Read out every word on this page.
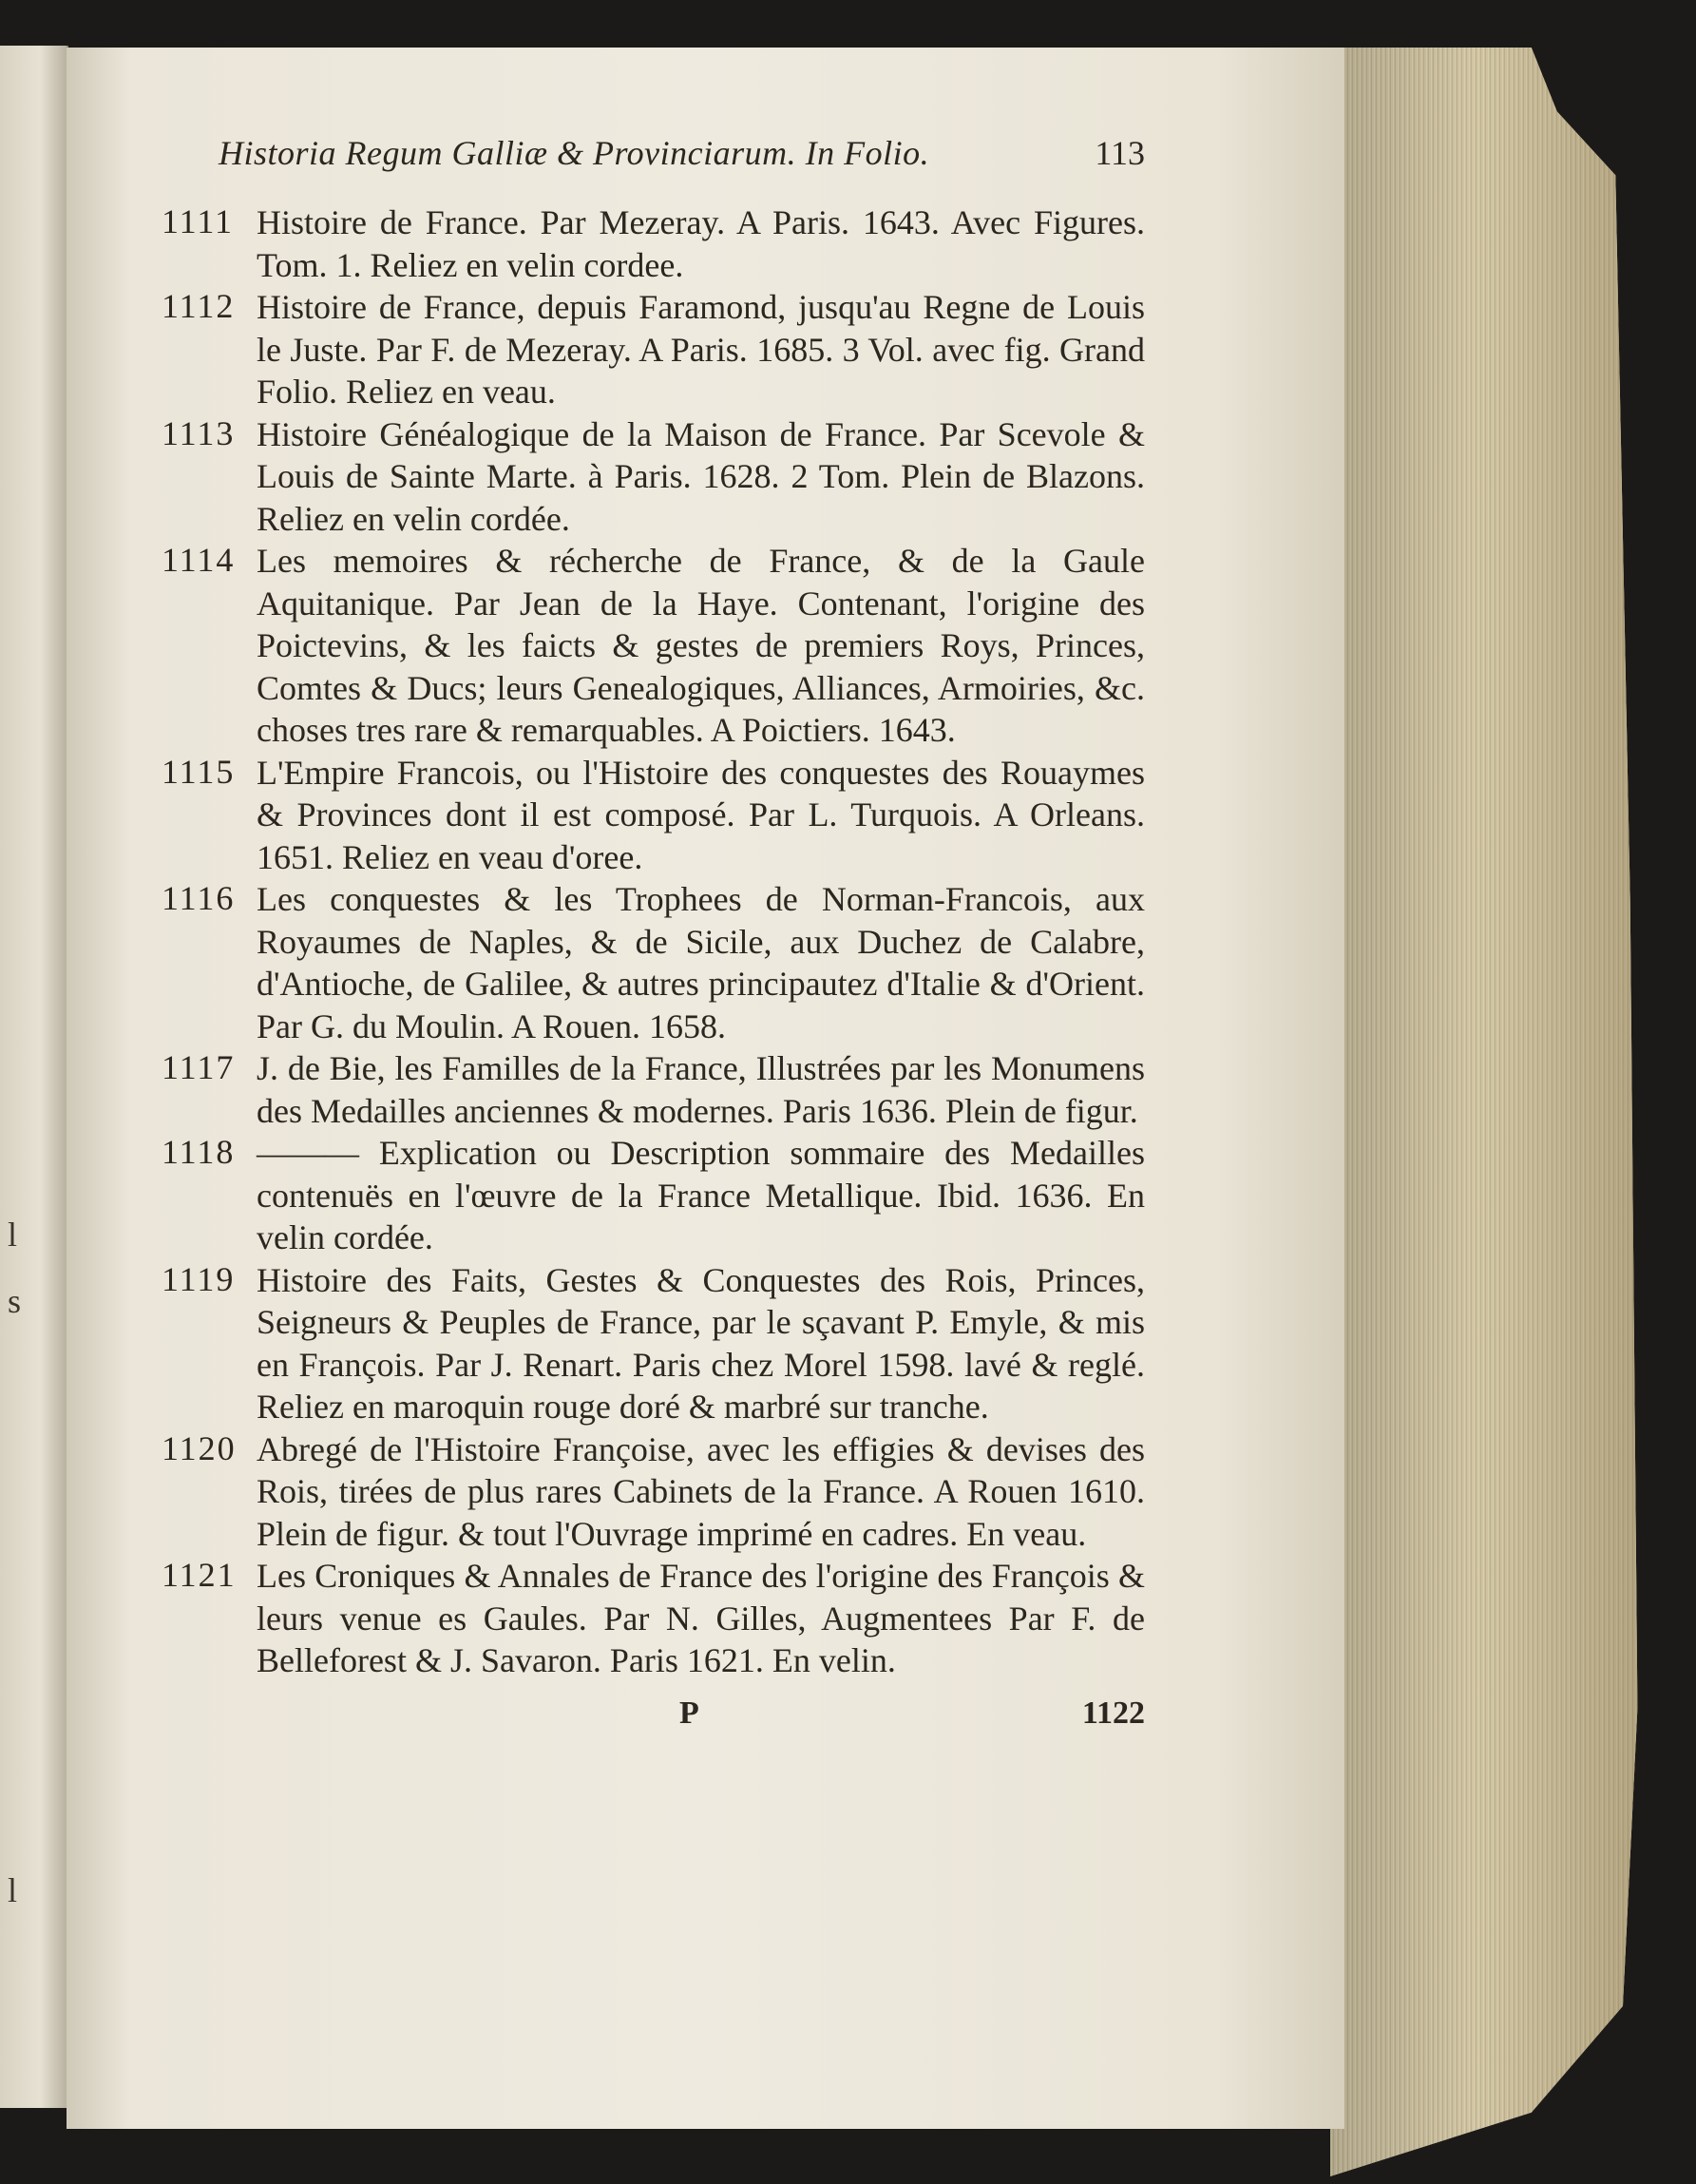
l
s
l
Historia Regum Galliæ & Provinciarum. In Folio.	113
1111 Histoire de France. Par Mezeray. A Paris. 1643. Avec Figures. Tom. 1. Reliez en velin cordee.
1112 Histoire de France, depuis Faramond, jusqu'au Regne de Louis le Juste. Par F. de Mezeray. A Paris. 1685. 3 Vol. avec fig. Grand Folio. Reliez en veau.
1113 Histoire Généalogique de la Maison de France. Par Scevole & Louis de Sainte Marte. à Paris. 1628. 2 Tom. Plein de Blazons. Reliez en velin cordée.
1114 Les memoires & récherche de France, & de la Gaule Aquitanique. Par Jean de la Haye. Contenant, l'origine des Poictevins, & les faicts & gestes de premiers Roys, Princes, Comtes & Ducs; leurs Genealogiques, Alliances, Armoiries, &c. choses tres rare & remarquables. A Poictiers. 1643.
1115 L'Empire Francois, ou l'Histoire des conquestes des Rouaymes & Provinces dont il est composé. Par L. Turquois. A Orleans. 1651. Reliez en veau d'oree.
1116 Les conquestes & les Trophees de Norman-Francois, aux Royaumes de Naples, & de Sicile, aux Duchez de Calabre, d'Antioche, de Galilee, & autres principautez d'Italie & d'Orient. Par G. du Moulin. A Rouen. 1658.
1117 J. de Bie, les Familles de la France, Illustrées par les Monumens des Medailles anciennes & modernes. Paris 1636. Plein de figur.
1118 ——— Explication ou Description sommaire des Medailles contenuës en l'œuvre de la France Metallique. Ibid. 1636. En velin cordée.
1119 Histoire des Faits, Gestes & Conquestes des Rois, Princes, Seigneurs & Peuples de France, par le sçavant P. Emyle, & mis en François. Par J. Renart. Paris chez Morel 1598. lavé & reglé. Reliez en maroquin rouge doré & marbré sur tranche.
1120 Abregé de l'Histoire Françoise, avec les effigies & devises des Rois, tirées de plus rares Cabinets de la France. A Rouen 1610. Plein de figur. & tout l'Ouvrage imprimé en cadres. En veau.
1121 Les Croniques & Annales de France des l'origine des François & leurs venue es Gaules. Par N. Gilles, Augmentees Par F. de Belleforest & J. Savaron. Paris 1621. En velin.
P	1122
